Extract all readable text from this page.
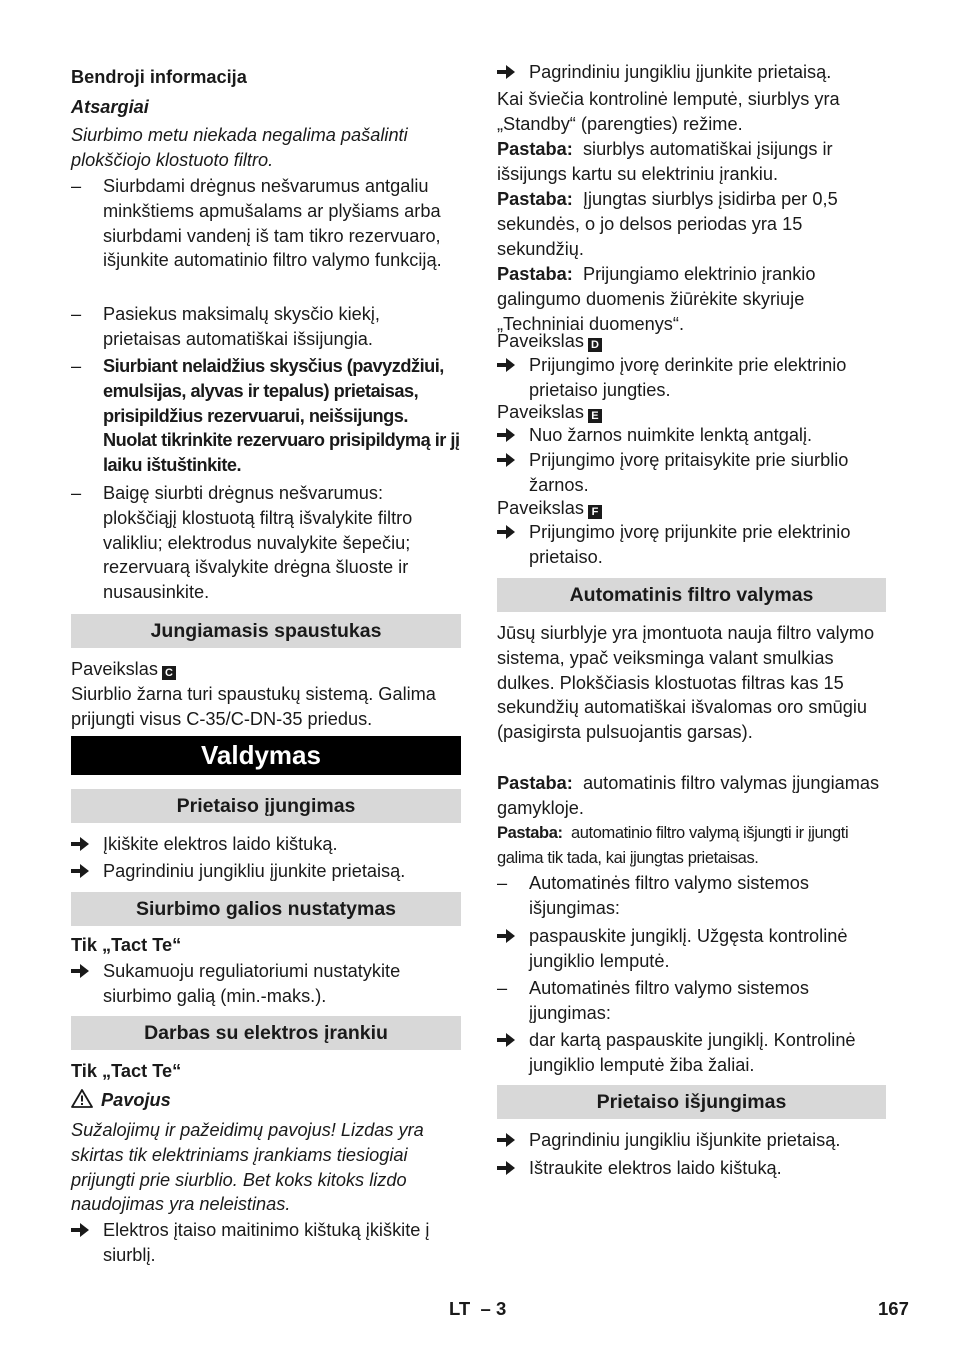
Bendroji informacija
Atsargiai
Siurbimo metu niekada negalima pašalinti plokščiojo klostuoto filtro.
–	Siurbdami drėgnus nešvarumus antgaliu minkštiems apmušalams ar plyšiams arba siurbdami vandenį iš tam tikro rezervuaro, išjunkite automatinio filtro valymo funkciją.
–	Pasiekus maksimalų skysčio kiekį, prietaisas automatiškai išsijungia.
–	Siurbiant nelaidžius skysčius (pavyzdžiui, emulsijas, alyvas ir tepalus) prietaisas, prisipildžius rezervuarui, neišsijungs. Nuolat tikrinkite rezervuaro prisipildymą ir jį laiku ištuštinkite.
–	Baigę siurbti drėgnus nešvarumus: plokščiąjį klostuotą filtrą išvalykite filtro valikliu; elektrodus nuvalykite šepečiu; rezervuarą išvalykite drėgna šluoste ir nusausinkite.
Jungiamasis spaustukas
Paveikslas C
Siurblio žarna turi spaustukų sistemą. Galima prijungti visus C-35/C-DN-35 priedus.
Valdymas
Prietaiso įjungimas
Įkiškite elektros laido kištuką.
Pagrindiniu jungikliu įjunkite prietaisą.
Siurbimo galios nustatymas
Tik „Tact Te“
Sukamuoju reguliatoriumi nustatykite siurbimo galią (min.-maks.).
Darbas su elektros įrankiu
Tik „Tact Te“
Pavojus
Sužalojimų ir pažeidimų pavojus! Lizdas yra skirtas tik elektriniams įrankiams tiesiogiai prijungti prie siurblio. Bet koks kitoks lizdo naudojimas yra neleistinas.
Elektros įtaiso maitinimo kištuką įkiškite į siurblį.
Pagrindiniu jungikliu įjunkite prietaisą.
Kai šviečia kontrolinė lemputė, siurblys yra „Standby“ (parengties) režime.
Pastaba: siurblys automatiškai įsijungs ir išsijungs kartu su elektriniu įrankiu.
Pastaba: Įjungtas siurblys įsidirba per 0,5 sekundės, o jo delsos periodas yra 15 sekundžių.
Pastaba: Prijungiamo elektrinio įrankio galingumo duomenis žiūrėkite skyriuje „Techniniai duomenys“.
Paveikslas D
Prijungimo įvorę derinkite prie elektrinio prietaiso jungties.
Paveikslas E
Nuo žarnos nuimkite lenktą antgalį.
Prijungimo įvorę pritaisykite prie siurblio žarnos.
Paveikslas F
Prijungimo įvorę prijunkite prie elektrinio prietaiso.
Automatinis filtro valymas
Jūsų siurblyje yra įmontuota nauja filtro valymo sistema, ypač veiksminga valant smulkias dulkes. Plokščiasis klostuotas filtras kas 15 sekundžių automatiškai išvalomas oro smūgiu (pasigirsta pulsuojantis garsas).
Pastaba: automatinis filtro valymas įjungiamas gamykloje.
Pastaba: automatinio filtro valymą išjungti ir įjungti galima tik tada, kai įjungtas prietaisas.
–	Automatinės filtro valymo sistemos išjungimas:
paspauskite jungiklį. Užgęsta kontrolinė jungiklio lemputė.
–	Automatinės filtro valymo sistemos įjungimas:
dar kartą paspauskite jungiklį. Kontrolinė jungiklio lemputė žiba žaliai.
Prietaiso išjungimas
Pagrindiniu jungikliu išjunkite prietaisą.
Ištraukite elektros laido kištuką.
LT – 3	167
